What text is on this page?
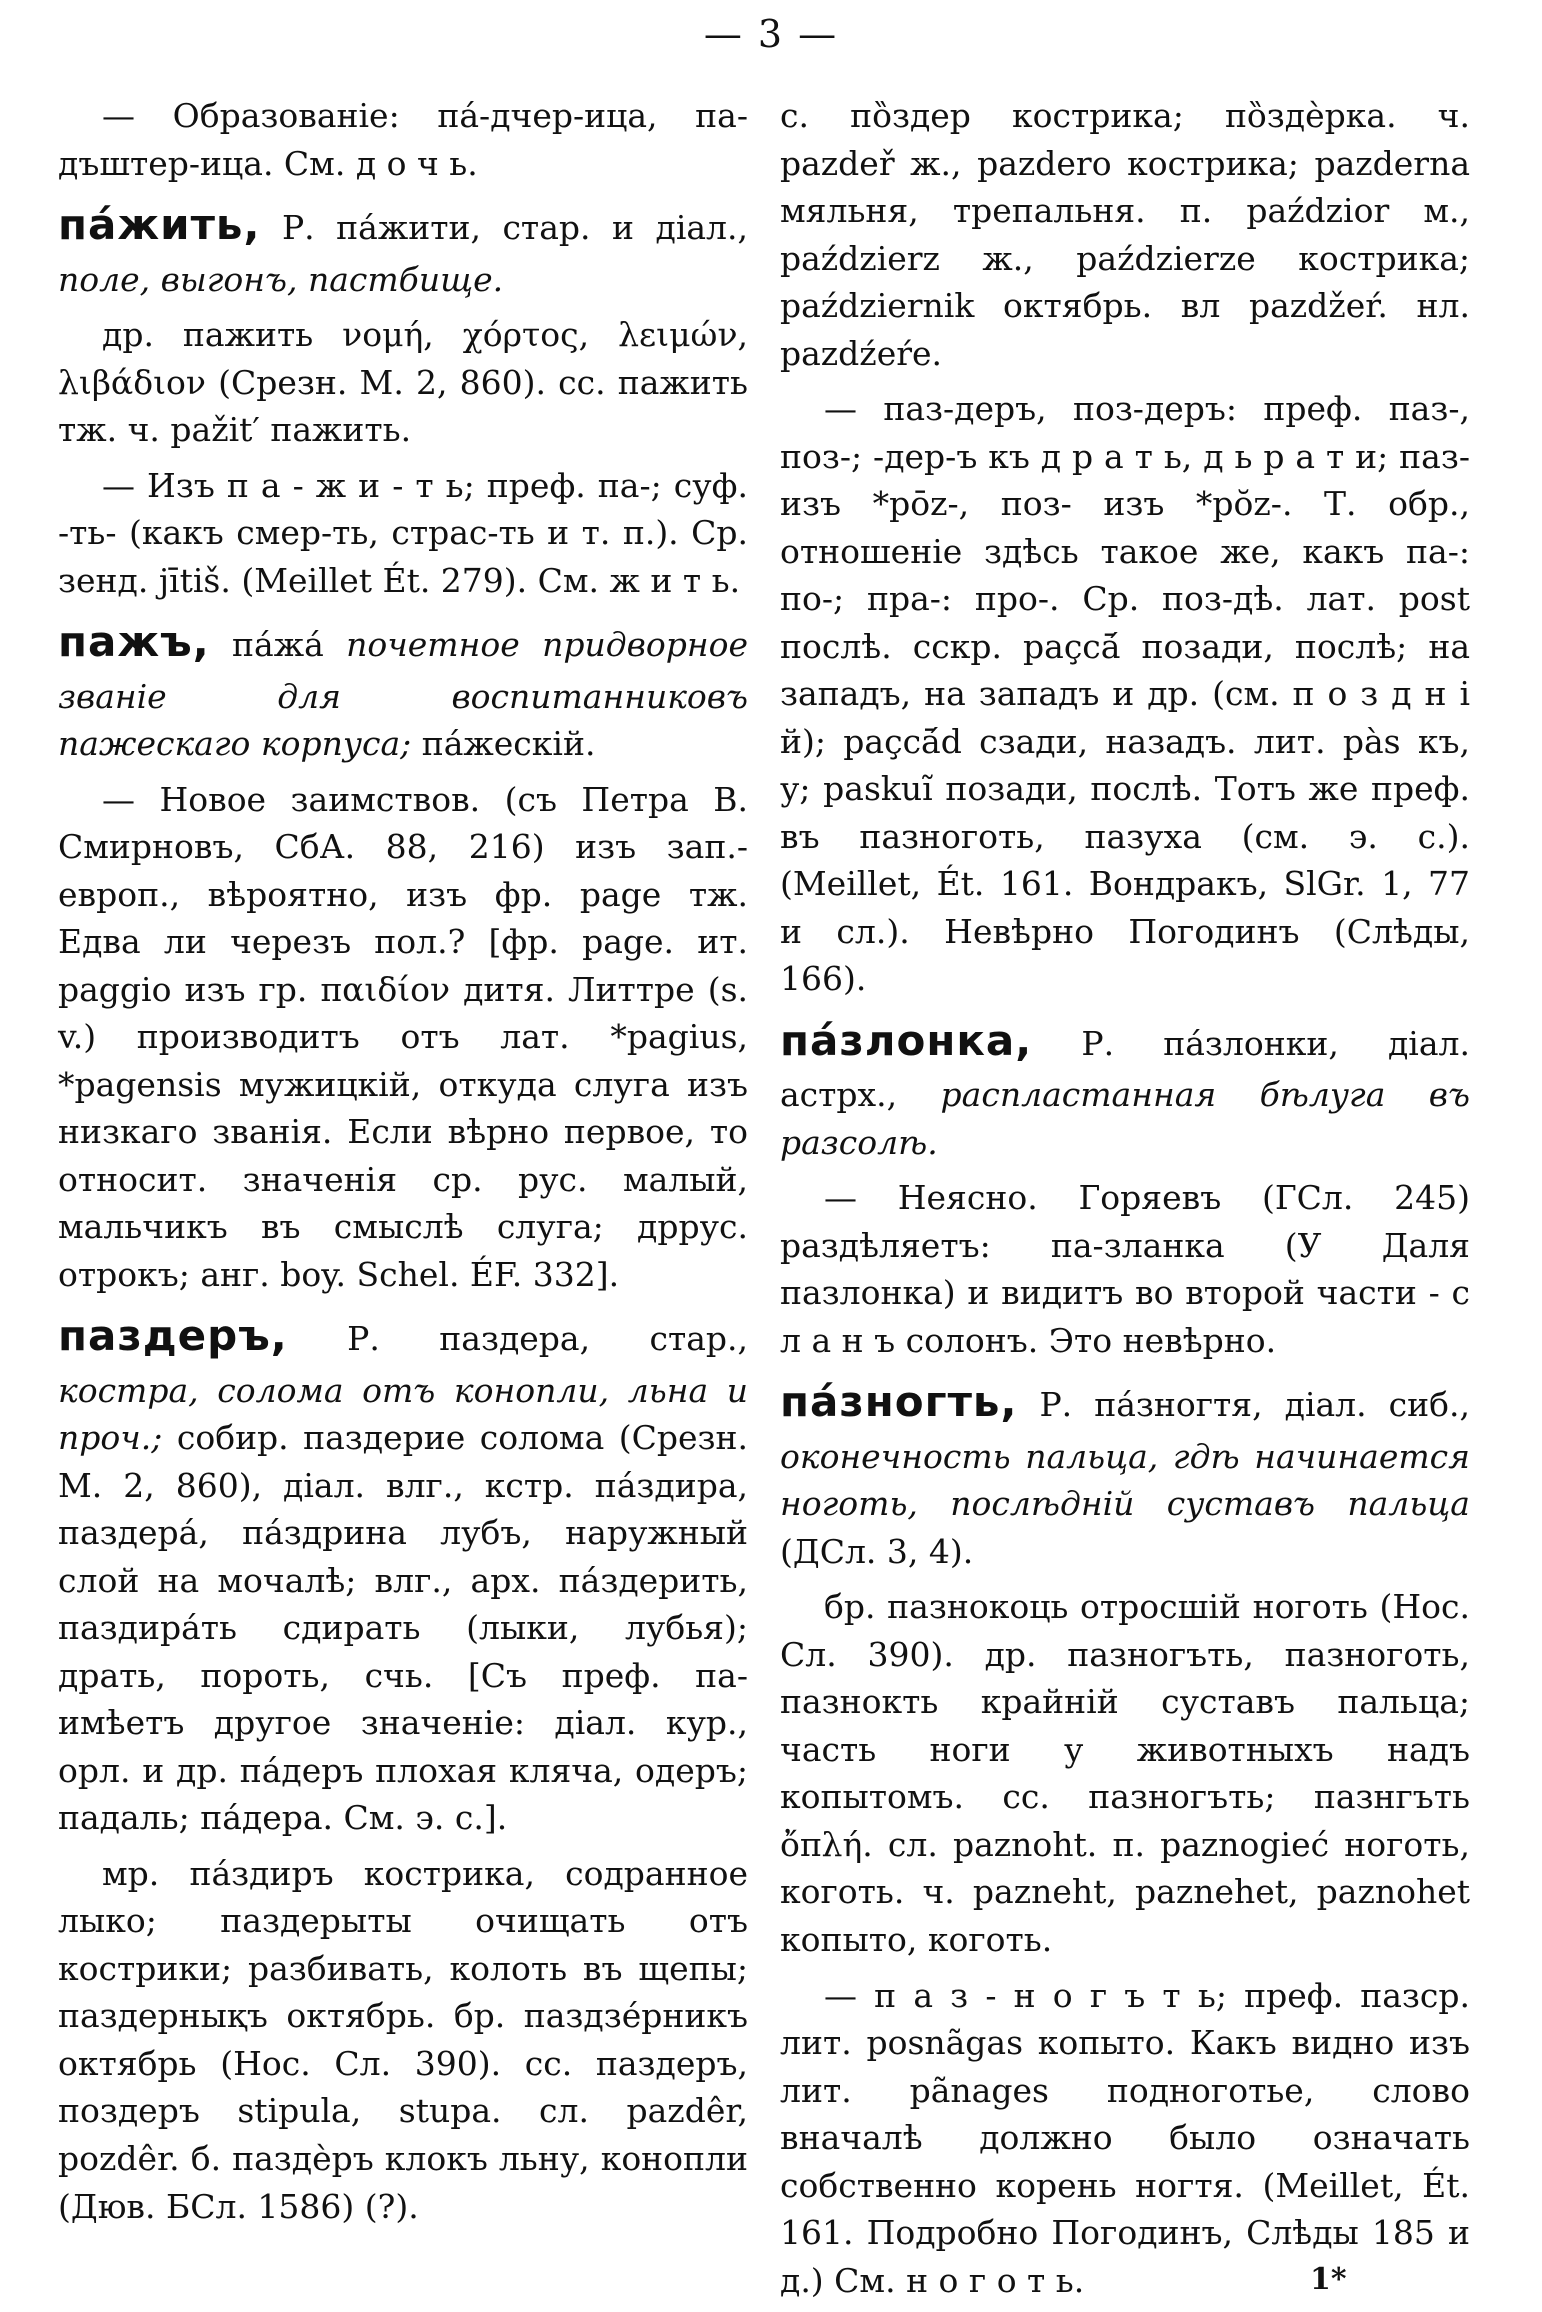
— 3 —

— Образованіе: па́-дчер-ица, па-дъштер-ица. См. д о ч ь.

па́жить, Р. па́жити, стар. и діал., поле, выгонъ, пастбище.

др. пажить νομή, χόρτος, λειμών, λιβάδιον (Срезн. М. 2, 860). сс. пажить тж. ч. pažit′ пажить.

— Изъ п а - ж и - т ь; преф. па-; суф. -ть- (какъ смер-ть, страс-ть и т. п.). Ср. зенд. jītiš. (Meillet Ét. 279). См. ж и т ь.

пажъ, па́жа́ почетное придворное званіе для воспитанниковъ пажескаго корпуса; па́жескій.

— Новое заимствов. (съ Петра В. Смирновъ, СбА. 88, 216) изъ зап.-европ., вѣроятно, изъ фр. page тж. Едва ли черезъ пол.? [фр. page. ит. paggio изъ гр. παιδίον дитя. Литтре (s. v.) производитъ отъ лат. *pagius, *pagensis мужицкій, откуда слуга изъ низкаго званія. Если вѣрно первое, то относит. значенія ср. рус. малый, мальчикъ въ смыслѣ слуга; дррус. отрокъ; анг. boy. Schel. ÉF. 332].

паздеръ, Р. паздера, стар., костра, солома отъ конопли, льна и проч.; собир. паздерие солома (Срезн. М. 2, 860), діал. влг., кстр. па́здира, паздера́, па́здрина лубъ, наружный слой на мочалѣ; влг., арх. па́здерить, паздира́ть сдирать (лыки, лубья); драть, пороть, счь. [Съ преф. па- имѣетъ другое значеніе: діал. кур., орл. и др. па́деръ плохая кляча, одеръ; падаль; па́дера. См. э. с.].

мр. па́здиръ кострика, содранное лыко; паздерыты очищать отъ кострики; разбивать, колоть въ щепы; паздернықъ октябрь. бр. паздзе́рникъ октябрь (Нос. Сл. 390). сс. паздеръ, поздеръ stipula, stupa. сл. pazdêr, pozdêr. б. паздѐръ клокъ льну, конопли (Дюв. БСл. 1586) (?).

с. пȍздер кострика; пȍздѐрка. ч. pazdeř ж., pazdero кострика; pazderna мяльня, трепальня. п. paździor м., paździerz ж., paździerze кострика; październik октябрь. вл pazdžeŕ. нл. pazdźeŕe.

— паз-деръ, поз-деръ: преф. паз-, поз-; -дер-ъ къ д р а т ь, д ь р а т и; паз- изъ *pōz-, поз- изъ *pŏz-. Т. обр., отношеніе здѣсь такое же, какъ па-: по-; пра-: про-. Ср. поз-дѣ. лат. post послѣ. cскр. paçcā́ позади, послѣ; на западъ, на западъ и др. (см. п о з д н і й); paçcā́d сзади, назадъ. лит. pàs къ, у; paskuĩ позади, послѣ. Тотъ же преф. въ пазноготь, пазуха (см. э. с.). (Meillet, Ét. 161. Вондракъ, SlGr. 1, 77 и сл.). Невѣрно Погодинъ (Слѣды, 166).

па́злонка, Р. па́злонки, діал. астрх., распластанная бѣлуга въ разсолѣ.

— Неясно. Горяевъ (ГСл. 245) раздѣляетъ: па-зланка (У Даля пазлонка) и видитъ во второй части - с л а н ъ солонъ. Это невѣрно.

па́зногть, Р. па́зногтя, діал. сиб., оконечность пальца, гдѣ начинается ноготь, послѣдній суставъ пальца (ДСл. 3, 4).

бр. пазнокоць отросшій ноготь (Нос. Сл. 390). др. пазногъть, пазноготь, пазнокть крайній суставъ пальца; часть ноги у животныхъ надъ копытомъ. сс. пазногъть; пазнгъть ὄπλή. сл. paznoht. п. paznogieć ноготь, коготь. ч. pazneht, paznehet, paznohet копыто, коготь.

— п а з - н о г ъ т ь; преф. пазср. лит. posnãgas копыто. Какъ видно изъ лит. pãnages подноготье, слово вначалѣ должно было означать собственно корень ногтя. (Meillet, Ét. 161. Подробно Погодинъ, Слѣды 185 и д.) См. н о г о т ь.	1*
